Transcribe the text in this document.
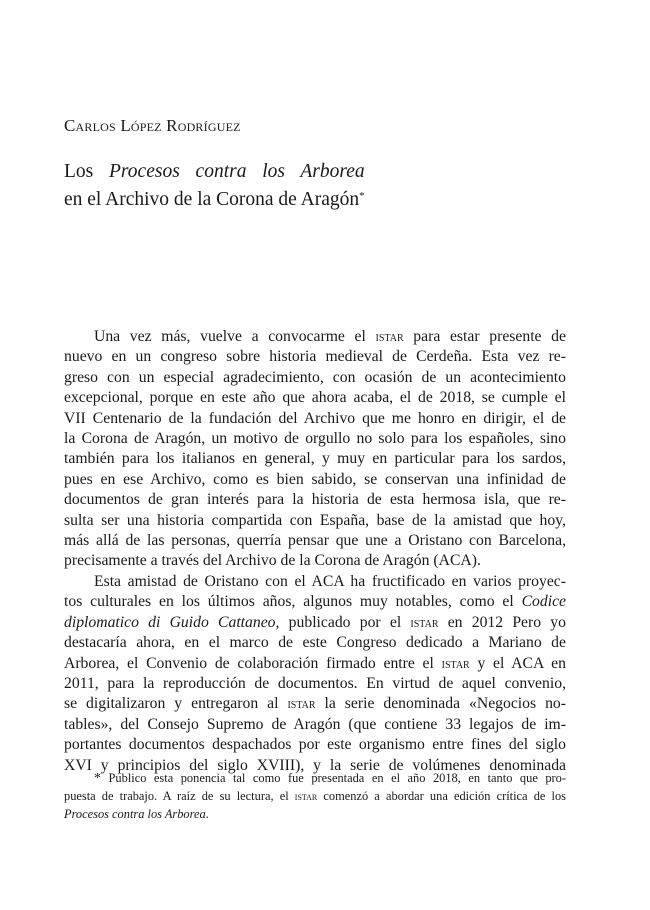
Carlos López Rodríguez
Los Procesos contra los Arborea
en el Archivo de la Corona de Aragón*

Una vez más, vuelve a convocarme el istar para estar presente de
nuevo en un congreso sobre historia medieval de Cerdeña. Esta vez re-
greso con un especial agradecimiento, con ocasión de un acontecimiento
excepcional, porque en este año que ahora acaba, el de 2018, se cumple el
VII Centenario de la fundación del Archivo que me honro en dirigir, el de
la Corona de Aragón, un motivo de orgullo no solo para los españoles, sino
también para los italianos en general, y muy en particular para los sardos,
pues en ese Archivo, como es bien sabido, se conservan una infinidad de
documentos de gran interés para la historia de esta hermosa isla, que re-
sulta ser una historia compartida con España, base de la amistad que hoy,
más allá de las personas, querría pensar que une a Oristano con Barcelona,
precisamente a través del Archivo de la Corona de Aragón (ACA).

Esta amistad de Oristano con el ACA ha fructificado en varios proyec-
tos culturales en los últimos años, algunos muy notables, como el Codice
diplomatico di Guido Cattaneo, publicado por el istar en 2012 Pero yo
destacaría ahora, en el marco de este Congreso dedicado a Mariano de
Arborea, el Convenio de colaboración firmado entre el istar y el ACA en
2011, para la reproducción de documentos. En virtud de aquel convenio,
se digitalizaron y entregaron al istar la serie denominada «Negocios no-
tables», del Consejo Supremo de Aragón (que contiene 33 legajos de im-
portantes documentos despachados por este organismo entre fines del siglo
XVI y principios del siglo XVIII), y la serie de volúmenes denominada

* Publico esta ponencia tal como fue presentada en el año 2018, en tanto que pro-
puesta de trabajo. A raíz de su lectura, el istar comenzó a abordar una edición crítica de los
Procesos contra los Arborea.
